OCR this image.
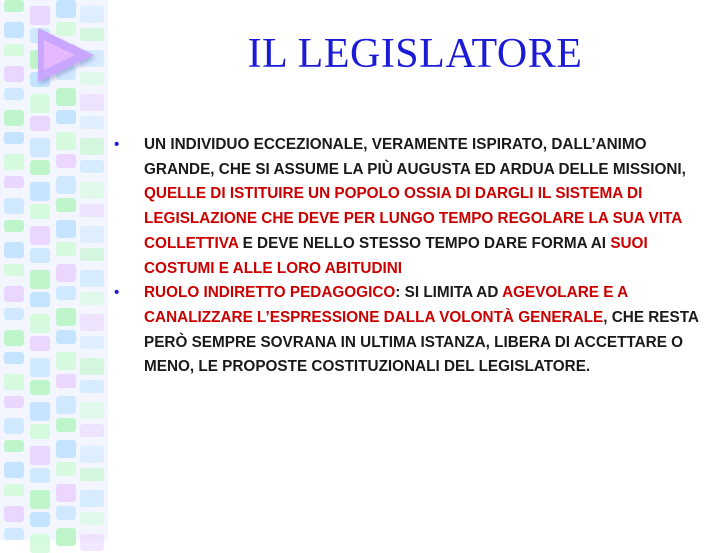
IL LEGISLATORE
• UN INDIVIDUO ECCEZIONALE, VERAMENTE ISPIRATO, DALL’ANIMO GRANDE, CHE SI ASSUME LA PIÙ AUGUSTA ED ARDUA DELLE MISSIONI, QUELLE DI ISTITUIRE UN POPOLO OSSIA DI DARGLI IL SISTEMA DI LEGISLAZIONE CHE DEVE PER LUNGO TEMPO REGOLARE LA SUA VITA COLLETTIVA E DEVE NELLO STESSO TEMPO DARE FORMA AI SUOI COSTUMI E ALLE LORO ABITUDINI
• RUOLO INDIRETTO PEDAGOGICO: SI LIMITA AD AGEVOLARE E A CANALIZZARE L’ESPRESSIONE DALLA VOLONTÀ GENERALE, CHE RESTA PERÒ SEMPRE SOVRANA IN ULTIMA ISTANZA, LIBERA DI ACCETTARE O MENO, LE PROPOSTE COSTITUZIONALI DEL LEGISLATORE.
